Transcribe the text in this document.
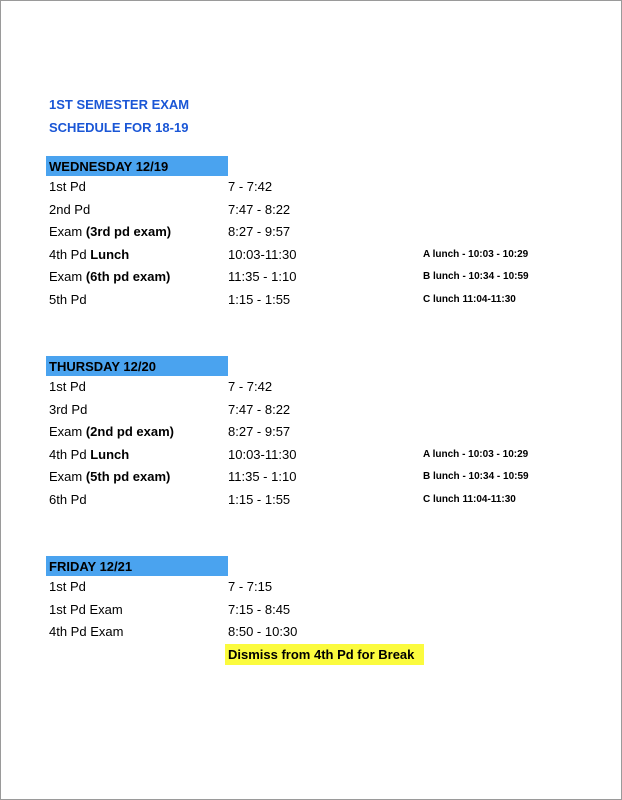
1ST SEMESTER EXAM
SCHEDULE FOR 18-19
WEDNESDAY 12/19
1st Pd	7 - 7:42
2nd Pd	7:47 - 8:22
Exam (3rd pd exam)	8:27 - 9:57
4th Pd Lunch	10:03-11:30	A lunch - 10:03 - 10:29
Exam (6th pd exam)	11:35 - 1:10	B lunch - 10:34 - 10:59
5th Pd	1:15 - 1:55	C lunch 11:04-11:30
THURSDAY 12/20
1st Pd	7 - 7:42
3rd Pd	7:47 - 8:22
Exam (2nd pd exam)	8:27 - 9:57
4th Pd Lunch	10:03-11:30	A lunch - 10:03 - 10:29
Exam (5th pd exam)	11:35 - 1:10	B lunch - 10:34 - 10:59
6th Pd	1:15 - 1:55	C lunch 11:04-11:30
FRIDAY 12/21
1st Pd	7 - 7:15
1st Pd Exam	7:15 - 8:45
4th Pd Exam	8:50 - 10:30
Dismiss from 4th Pd for Break
